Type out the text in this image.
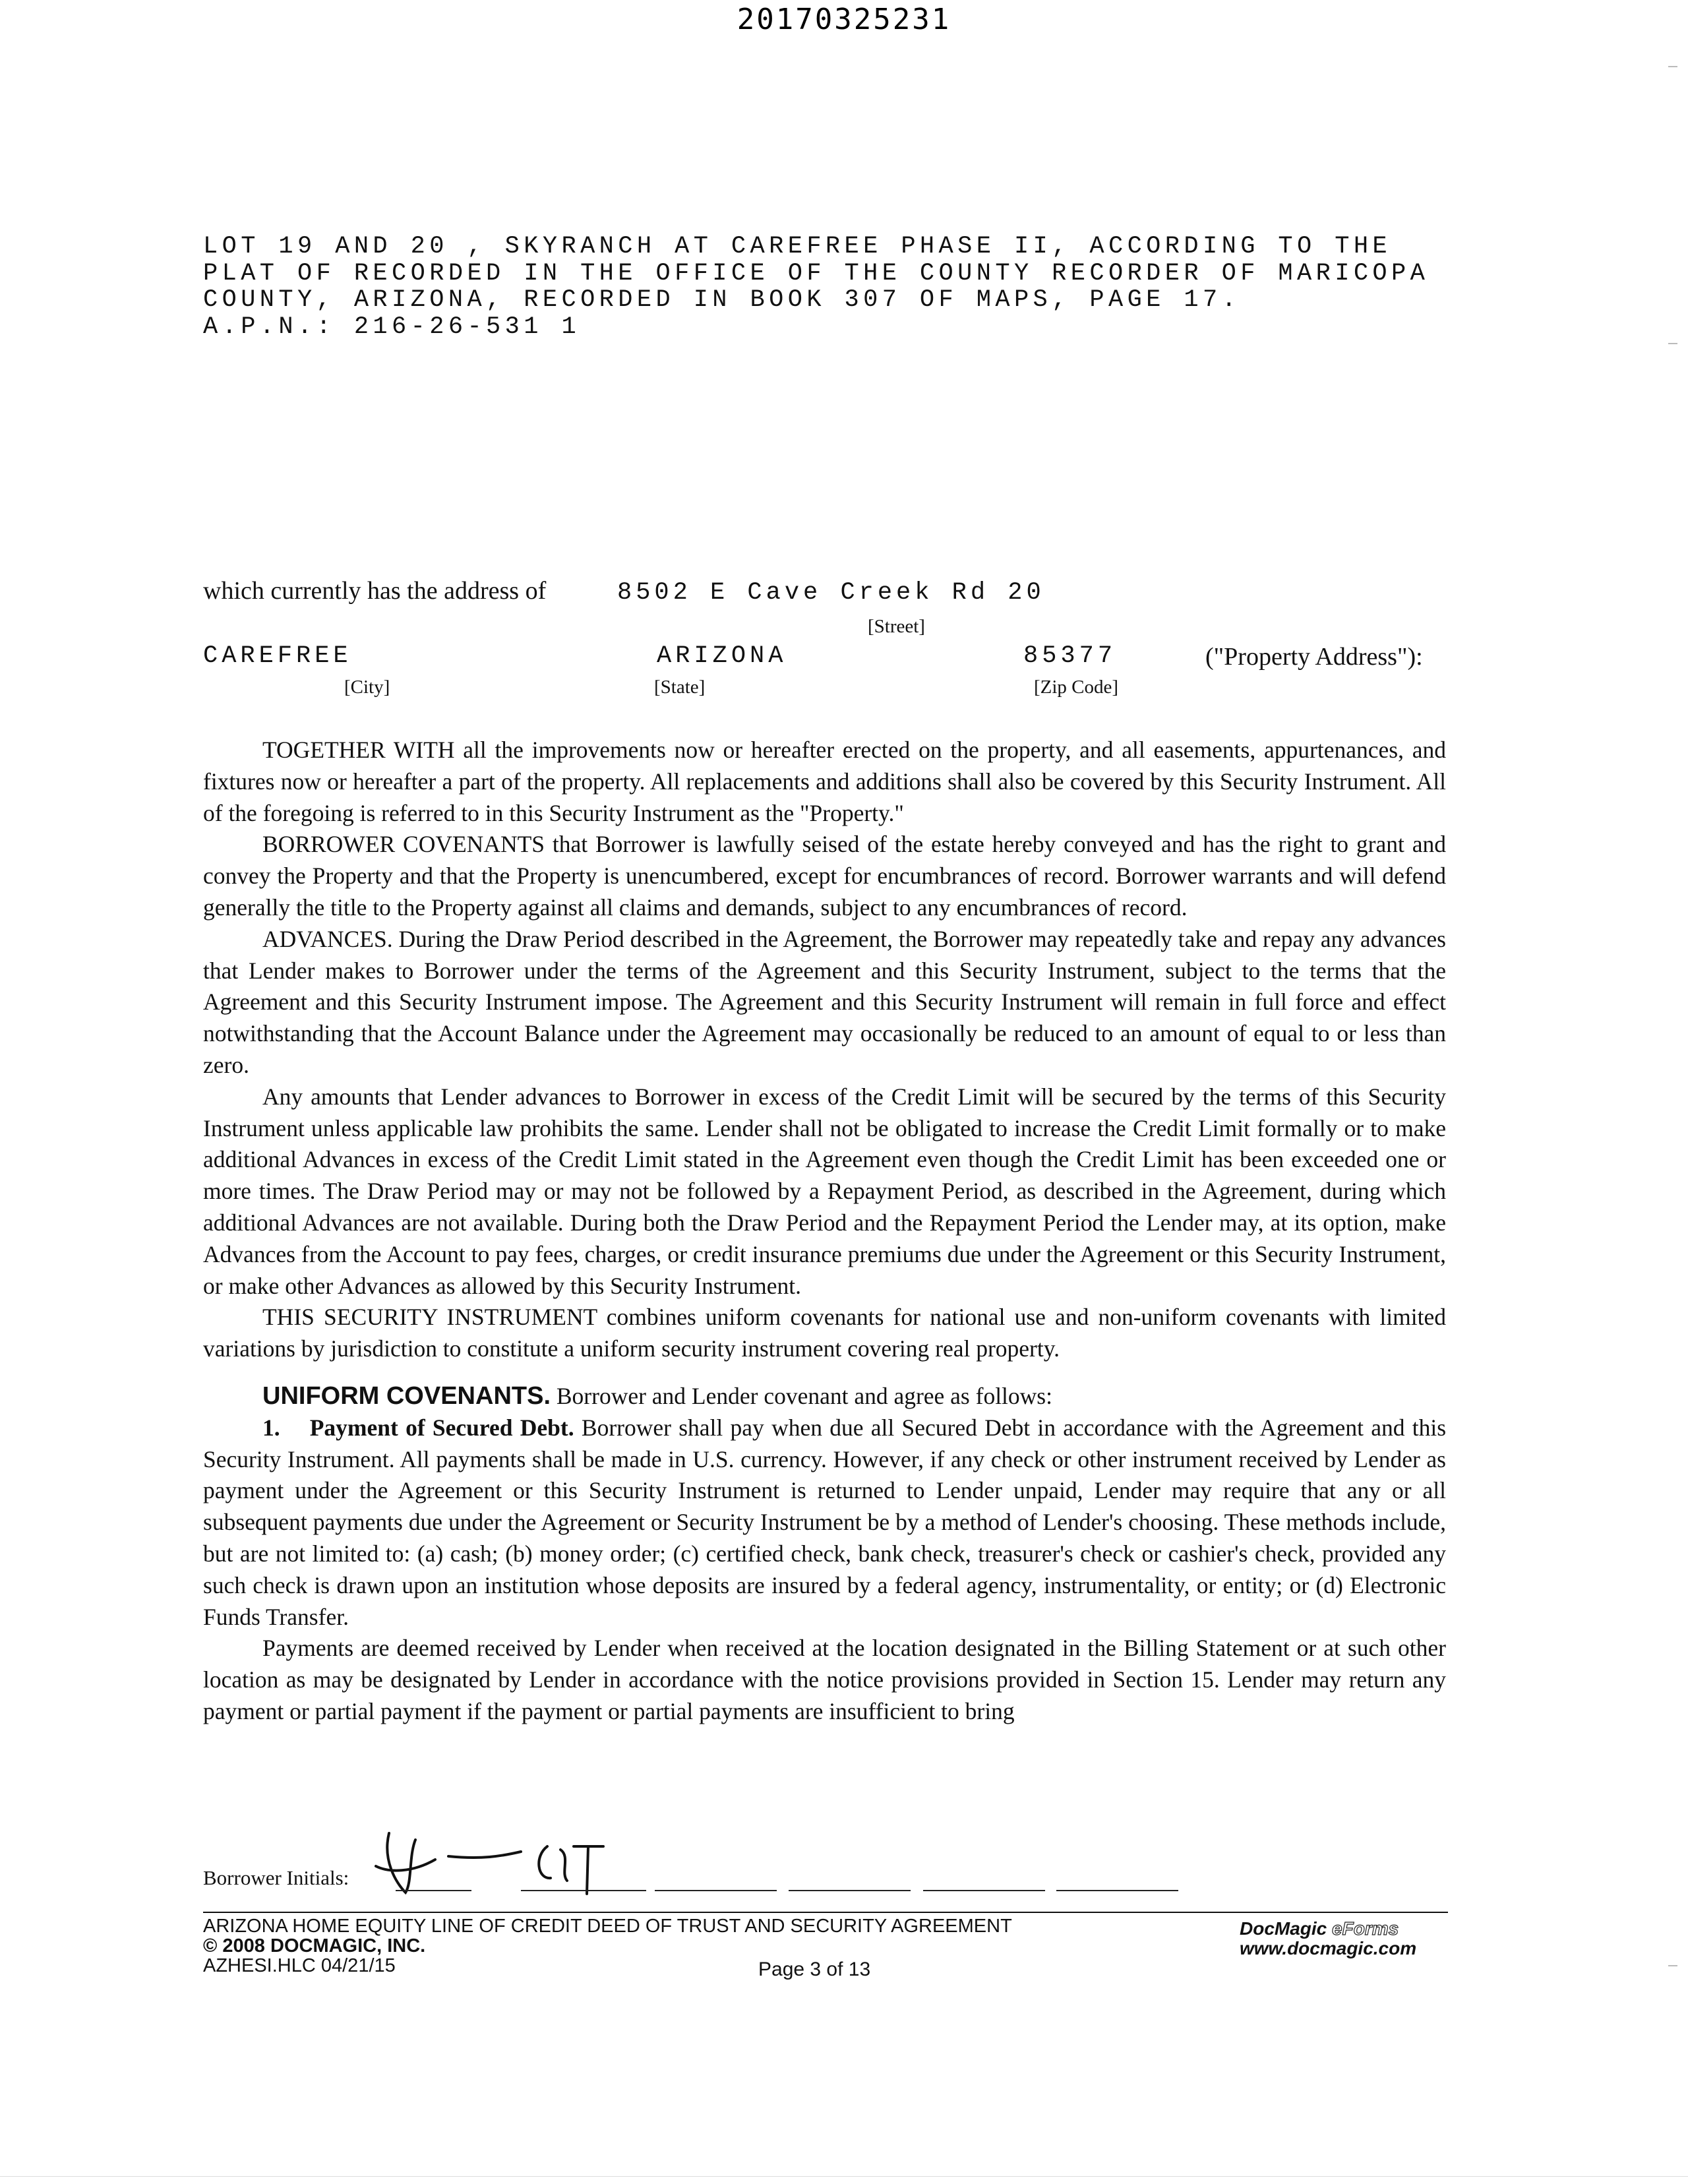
20170325231
LOT 19 AND 20 , SKYRANCH AT CAREFREE PHASE II, ACCORDING TO THE
PLAT OF RECORDED IN THE OFFICE OF THE COUNTY RECORDER OF MARICOPA
COUNTY, ARIZONA, RECORDED IN BOOK 307 OF MAPS, PAGE 17.
A.P.N.: 216-26-531 1
which currently has the address of	8502 E Cave Creek Rd 20
[Street]
CAREFREE
[City]
ARIZONA
[State]
85377
[Zip Code]
("Property Address"):

TOGETHER WITH all the improvements now or hereafter erected on the property, and all easements, appurtenances, and fixtures now or hereafter a part of the property. All replacements and additions shall also be covered by this Security Instrument. All of the foregoing is referred to in this Security Instrument as the "Property."

BORROWER COVENANTS that Borrower is lawfully seised of the estate hereby conveyed and has the right to grant and convey the Property and that the Property is unencumbered, except for encumbrances of record. Borrower warrants and will defend generally the title to the Property against all claims and demands, subject to any encumbrances of record.

ADVANCES. During the Draw Period described in the Agreement, the Borrower may repeatedly take and repay any advances that Lender makes to Borrower under the terms of the Agreement and this Security Instrument, subject to the terms that the Agreement and this Security Instrument impose. The Agreement and this Security Instrument will remain in full force and effect notwithstanding that the Account Balance under the Agreement may occasionally be reduced to an amount of equal to or less than zero.

Any amounts that Lender advances to Borrower in excess of the Credit Limit will be secured by the terms of this Security Instrument unless applicable law prohibits the same. Lender shall not be obligated to increase the Credit Limit formally or to make additional Advances in excess of the Credit Limit stated in the Agreement even though the Credit Limit has been exceeded one or more times. The Draw Period may or may not be followed by a Repayment Period, as described in the Agreement, during which additional Advances are not available. During both the Draw Period and the Repayment Period the Lender may, at its option, make Advances from the Account to pay fees, charges, or credit insurance premiums due under the Agreement or this Security Instrument, or make other Advances as allowed by this Security Instrument.

THIS SECURITY INSTRUMENT combines uniform covenants for national use and non-uniform covenants with limited variations by jurisdiction to constitute a uniform security instrument covering real property.

UNIFORM COVENANTS. Borrower and Lender covenant and agree as follows:

1. Payment of Secured Debt. Borrower shall pay when due all Secured Debt in accordance with the Agreement and this Security Instrument. All payments shall be made in U.S. currency. However, if any check or other instrument received by Lender as payment under the Agreement or this Security Instrument is returned to Lender unpaid, Lender may require that any or all subsequent payments due under the Agreement or Security Instrument be by a method of Lender's choosing. These methods include, but are not limited to: (a) cash; (b) money order; (c) certified check, bank check, treasurer's check or cashier's check, provided any such check is drawn upon an institution whose deposits are insured by a federal agency, instrumentality, or entity; or (d) Electronic Funds Transfer.

Payments are deemed received by Lender when received at the location designated in the Billing Statement or at such other location as may be designated by Lender in accordance with the notice provisions provided in Section 15. Lender may return any payment or partial payment if the payment or partial payments are insufficient to bring

Borrower Initials:
ARIZONA HOME EQUITY LINE OF CREDIT DEED OF TRUST AND SECURITY AGREEMENT
© 2008 DOCMAGIC, INC.
AZHESI.HLC 04/21/15	Page 3 of 13
DocMagic eForms
www.docmagic.com
